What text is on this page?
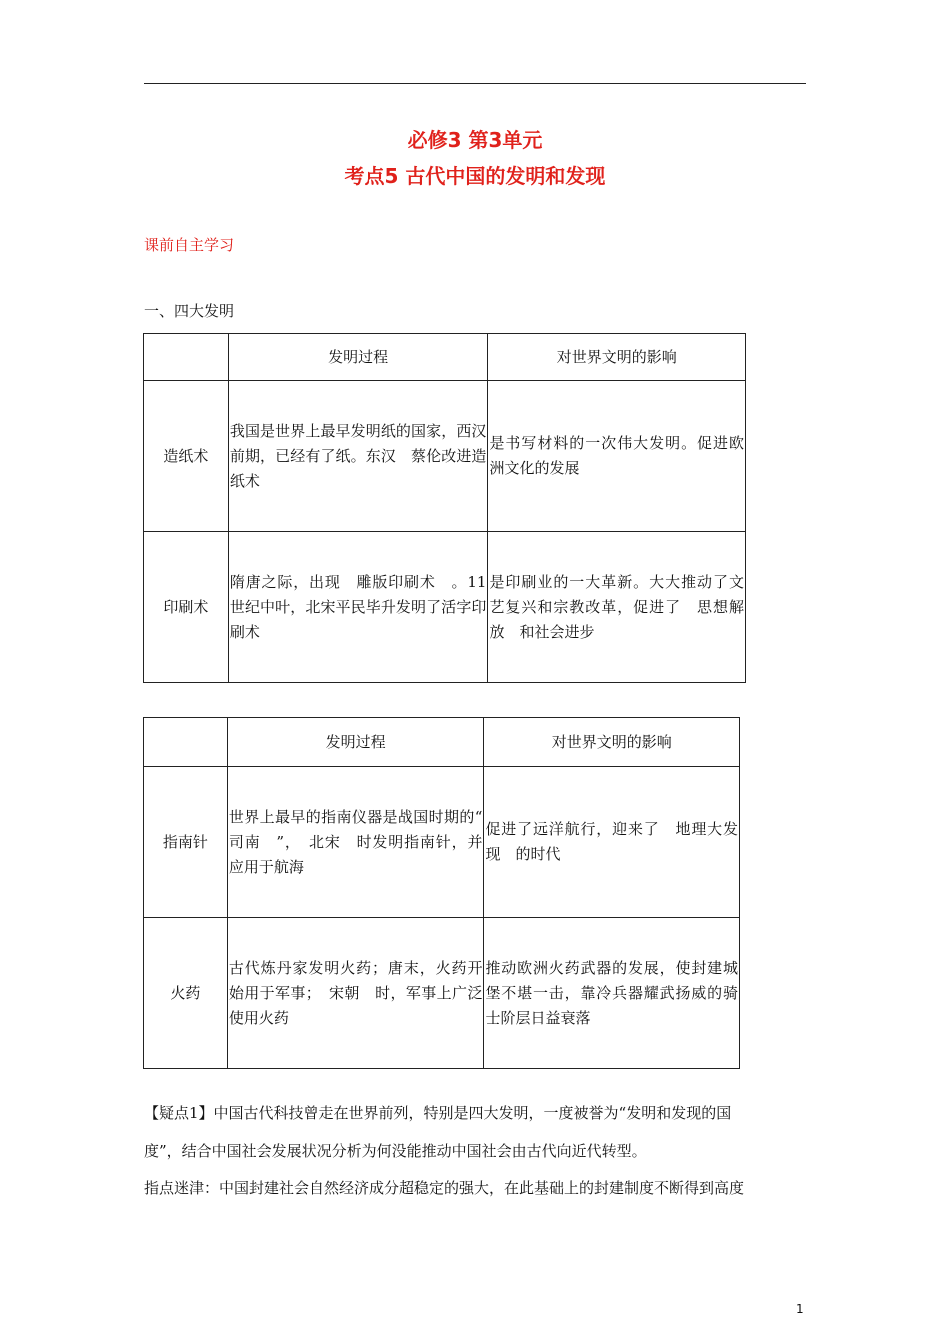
必修3 第3单元
考点5 古代中国的发明和发现
课前自主学习
一、四大发明
	发明过程	对世界文明的影响
造纸术	我国是世界上最早发明纸的国家，西汉前期，已经有了纸。东汉　蔡伦改进造纸术	是书写材料的一次伟大发明。促进欧洲文化的发展

印刷术	隋唐之际，出现　雕版印刷术　。11世纪中叶，北宋平民毕升发明了活字印刷术	是印刷业的一大革新。大大推动了文艺复兴和宗教改革，促进了　思想解放　和社会进步
	发明过程	对世界文明的影响
指南针	世界上最早的指南仪器是战国时期的“　司南　”，　北宋　时发明指南针，并应用于航海	促进了远洋航行，迎来了　地理大发现　的时代

火药	古代炼丹家发明火药；唐末，火药开始用于军事；　宋朝　时，军事上广泛使用火药	推动欧洲火药武器的发展，使封建城堡不堪一击，靠冷兵器耀武扬威的骑士阶层日益衰落
【疑点1】中国古代科技曾走在世界前列，特别是四大发明，一度被誉为“发明和发现的国
度”，结合中国社会发展状况分析为何没能推动中国社会由古代向近代转型。
指点迷津：中国封建社会自然经济成分超稳定的强大，在此基础上的封建制度不断得到高度
1
